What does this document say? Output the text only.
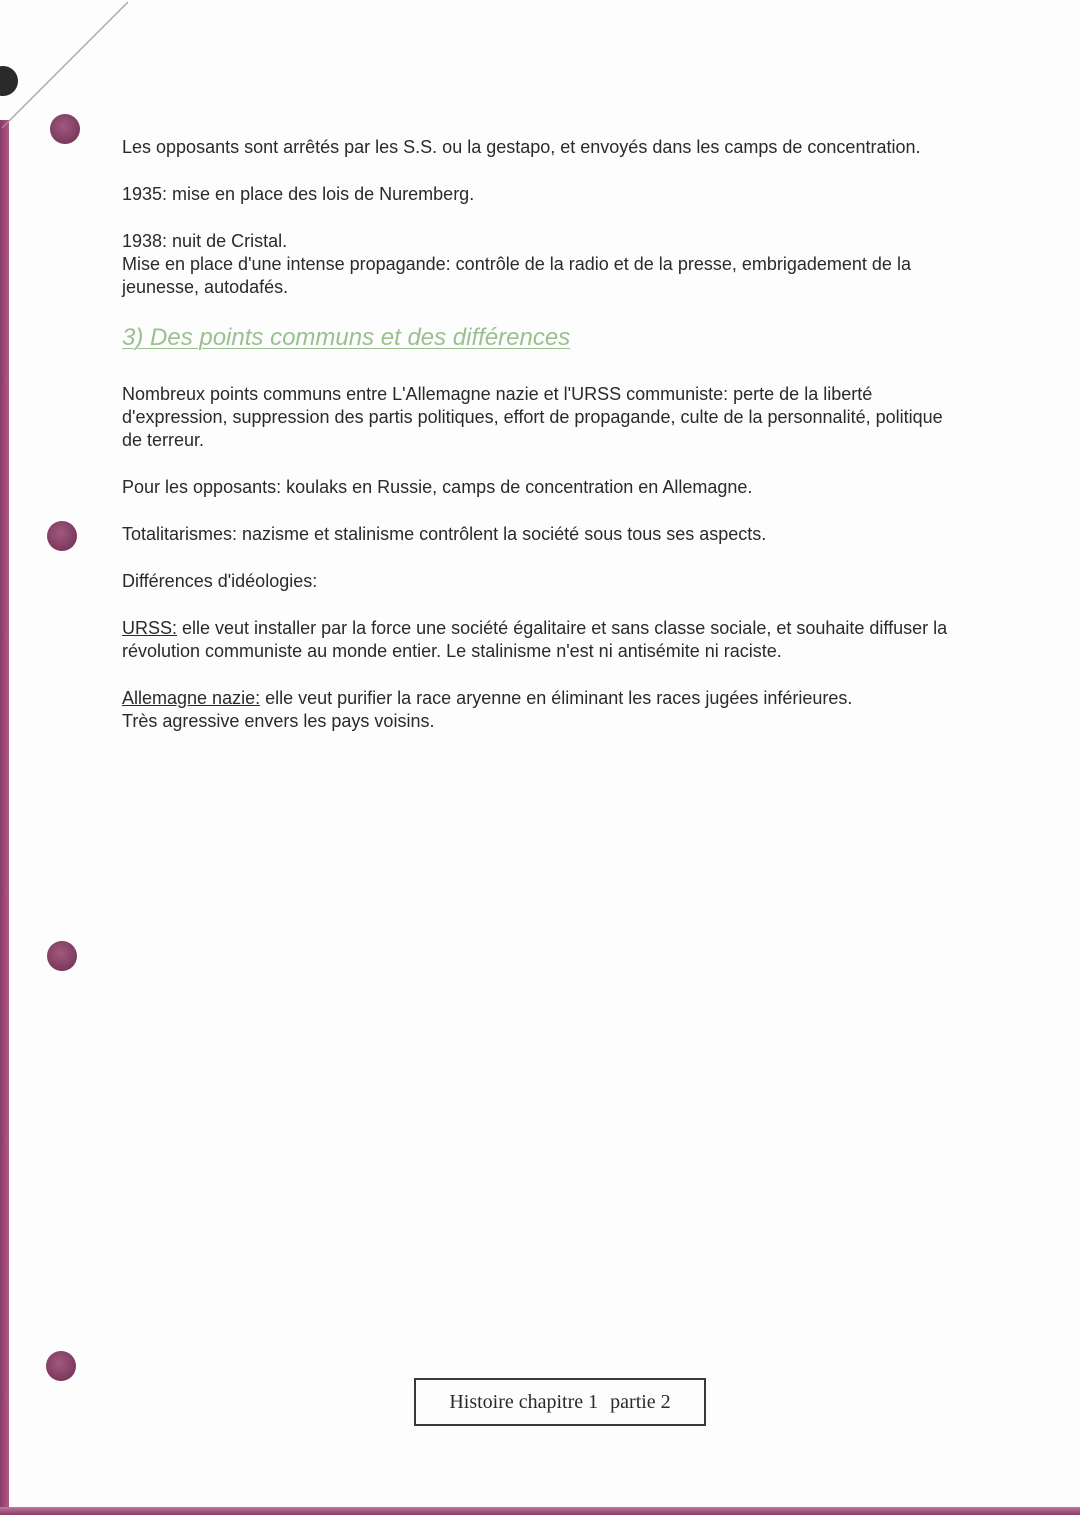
Les opposants sont arrêtés par les S.S. ou la gestapo, et envoyés dans les camps de concentration.

1935: mise en place des lois de Nuremberg.

1938: nuit de Cristal.
Mise en place d'une intense propagande: contrôle de la radio et de la presse, embrigadement de la jeunesse, autodafés.

3) Des points communs et des différences

Nombreux points communs entre L'Allemagne nazie et l'URSS communiste: perte de la liberté d'expression, suppression des partis politiques, effort de propagande, culte de la personnalité, politique de terreur.

Pour les opposants: koulaks en Russie, camps de concentration en Allemagne.

Totalitarismes: nazisme et stalinisme contrôlent la société sous tous ses aspects.

Différences d'idéologies:

URSS: elle veut installer par la force une société égalitaire et sans classe sociale, et souhaite diffuser la révolution communiste au monde entier. Le stalinisme n'est ni antisémite ni raciste.

Allemagne nazie: elle veut purifier la race aryenne en éliminant les races jugées inférieures.
Très agressive envers les pays voisins.

Histoire chapitre 1 partie 2
